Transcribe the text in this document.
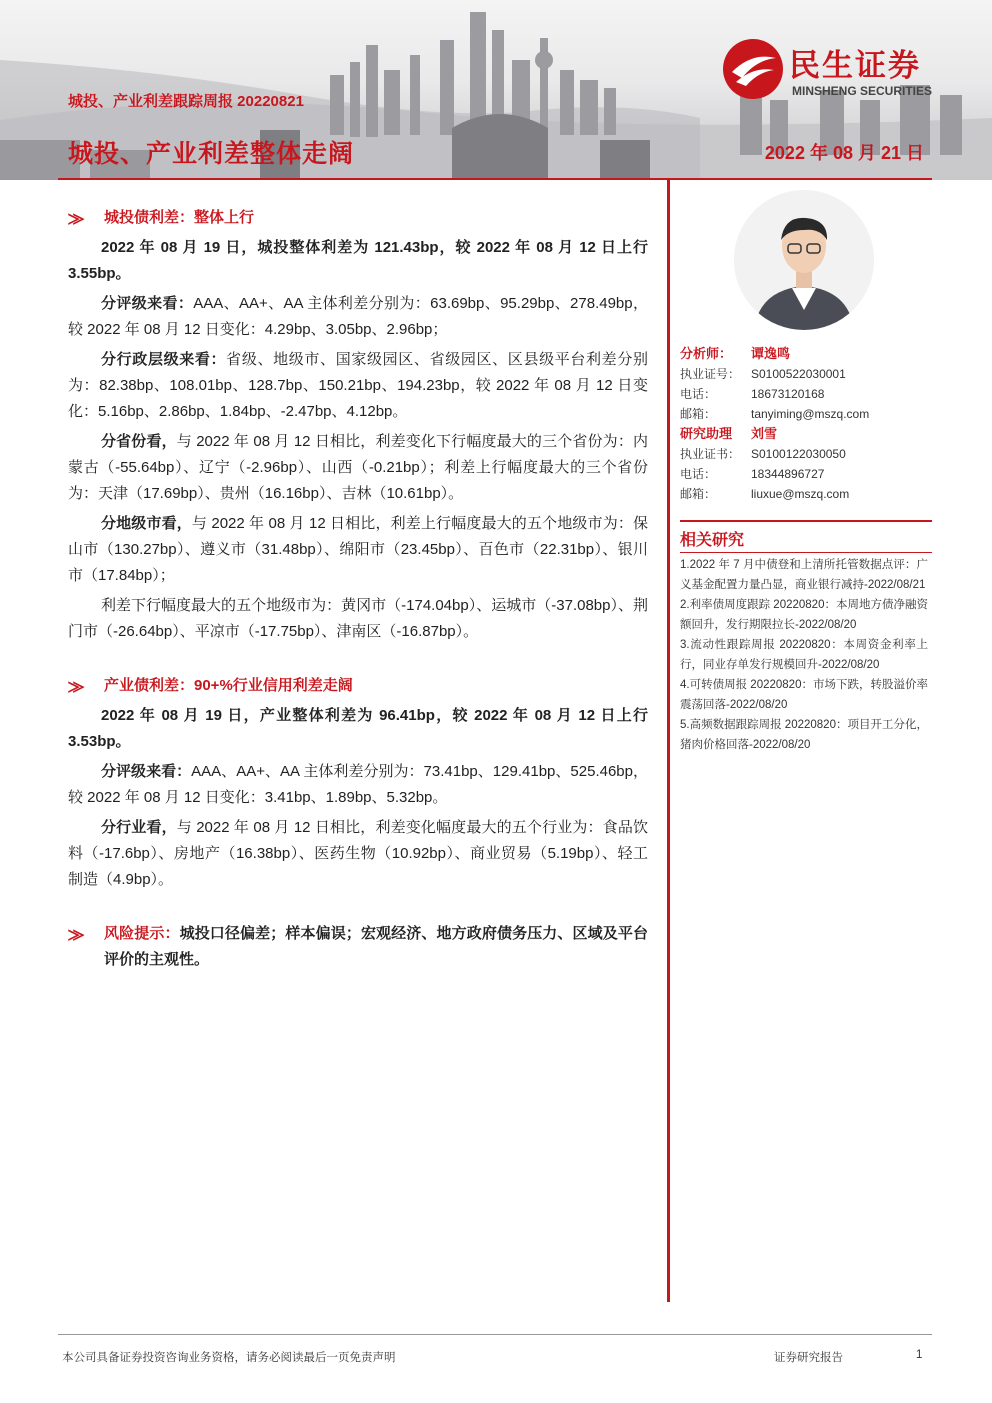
城投、产业利差跟踪周报 20220821
城投、产业利差整体走阔	2022 年 08 月 21 日
民生证券
MINSHENG SECURITIES
⨠ 城投债利差：整体上行

2022 年 08 月 19 日，城投整体利差为 121.43bp，较 2022 年 08 月 12 日上行 3.55bp。

分评级来看：AAA、AA+、AA 主体利差分别为：63.69bp、95.29bp、278.49bp，较 2022 年 08 月 12 日变化：4.29bp、3.05bp、2.96bp；

分行政层级来看：省级、地级市、国家级园区、省级园区、区县级平台利差分别为：82.38bp、108.01bp、128.7bp、150.21bp、194.23bp，较 2022 年 08 月 12 日变化：5.16bp、2.86bp、1.84bp、-2.47bp、4.12bp。

分省份看，与 2022 年 08 月 12 日相比，利差变化下行幅度最大的三个省份为：内蒙古（-55.64bp）、辽宁（-2.96bp）、山西（-0.21bp）；利差上行幅度最大的三个省份为：天津（17.69bp）、贵州（16.16bp）、吉林（10.61bp）。

分地级市看，与 2022 年 08 月 12 日相比，利差上行幅度最大的五个地级市为：保山市（130.27bp）、遵义市（31.48bp）、绵阳市（23.45bp）、百色市（22.31bp）、银川市（17.84bp）；

利差下行幅度最大的五个地级市为：黄冈市（-174.04bp）、运城市（-37.08bp）、荆门市（-26.64bp）、平凉市（-17.75bp）、津南区（-16.87bp）。

⨠ 产业债利差：90+%行业信用利差走阔

2022 年 08 月 19 日，产业整体利差为 96.41bp，较 2022 年 08 月 12 日上行 3.53bp。

分评级来看：AAA、AA+、AA 主体利差分别为：73.41bp、129.41bp、525.46bp，较 2022 年 08 月 12 日变化：3.41bp、1.89bp、5.32bp。

分行业看，与 2022 年 08 月 12 日相比，利差变化幅度最大的五个行业为：食品饮料（-17.6bp）、房地产（16.38bp）、医药生物（10.92bp）、商业贸易（5.19bp）、轻工制造（4.9bp）。

⨠ 风险提示：城投口径偏差；样本偏误；宏观经济、地方政府债务压力、区域及平台评价的主观性。
分析师： 谭逸鸣
执业证号： S0100522030001
电话：	18673120168
邮箱：	tanyiming@mszq.com
研究助理 刘雪
执业证书： S0100122030050
电话：	18344896727
邮箱：	liuxue@mszq.com
相关研究

1.2022 年 7 月中债登和上清所托管数据点评：广义基金配置力量凸显，商业银行减持-2022/08/21

2.利率债周度跟踪 20220820：本周地方债净融资额回升，发行期限拉长-2022/08/20

3.流动性跟踪周报 20220820：本周资金利率上行，同业存单发行规模回升-2022/08/20

4.可转债周报 20220820：市场下跌，转股溢价率震荡回落-2022/08/20

5.高频数据跟踪周报 20220820：项目开工分化，猪肉价格回落-2022/08/20

本公司具备证券投资咨询业务资格，请务必阅读最后一页免责声明	证券研究报告	1
